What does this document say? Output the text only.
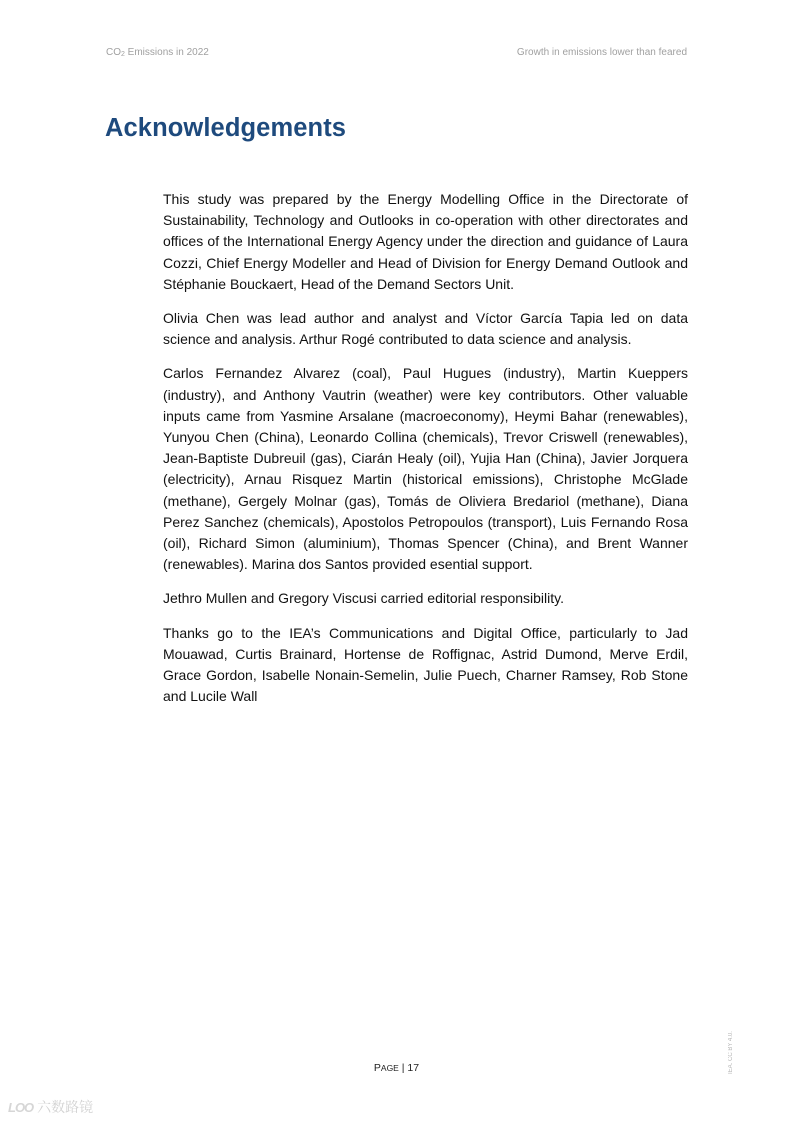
CO2 Emissions in 2022	Growth in emissions lower than feared
Acknowledgements

This study was prepared by the Energy Modelling Office in the Directorate of Sustainability, Technology and Outlooks in co-operation with other directorates and offices of the International Energy Agency under the direction and guidance of Laura Cozzi, Chief Energy Modeller and Head of Division for Energy Demand Outlook and Stéphanie Bouckaert, Head of the Demand Sectors Unit.

Olivia Chen was lead author and analyst and Víctor García Tapia led on data science and analysis. Arthur Rogé contributed to data science and analysis.

Carlos Fernandez Alvarez (coal), Paul Hugues (industry), Martin Kueppers (industry), and Anthony Vautrin (weather) were key contributors. Other valuable inputs came from Yasmine Arsalane (macroeconomy), Heymi Bahar (renewables), Yunyou Chen (China), Leonardo Collina (chemicals), Trevor Criswell (renewables), Jean-Baptiste Dubreuil (gas), Ciarán Healy (oil), Yujia Han (China), Javier Jorquera (electricity), Arnau Risquez Martin (historical emissions), Christophe McGlade (methane), Gergely Molnar (gas), Tomás de Oliviera Bredariol (methane), Diana Perez Sanchez (chemicals), Apostolos Petropoulos (transport), Luis Fernando Rosa (oil), Richard Simon (aluminium), Thomas Spencer (China), and Brent Wanner (renewables). Marina dos Santos provided esential support.

Jethro Mullen and Gregory Viscusi carried editorial responsibility.

Thanks go to the IEA’s Communications and Digital Office, particularly to Jad Mouawad, Curtis Brainard, Hortense de Roffignac, Astrid Dumond, Merve Erdil, Grace Gordon, Isabelle Nonain-Semelin, Julie Puech, Charner Ramsey, Rob Stone and Lucile Wall

PAGE | 17	IEA. CC BY 4.0.
LOO 六数路镜
